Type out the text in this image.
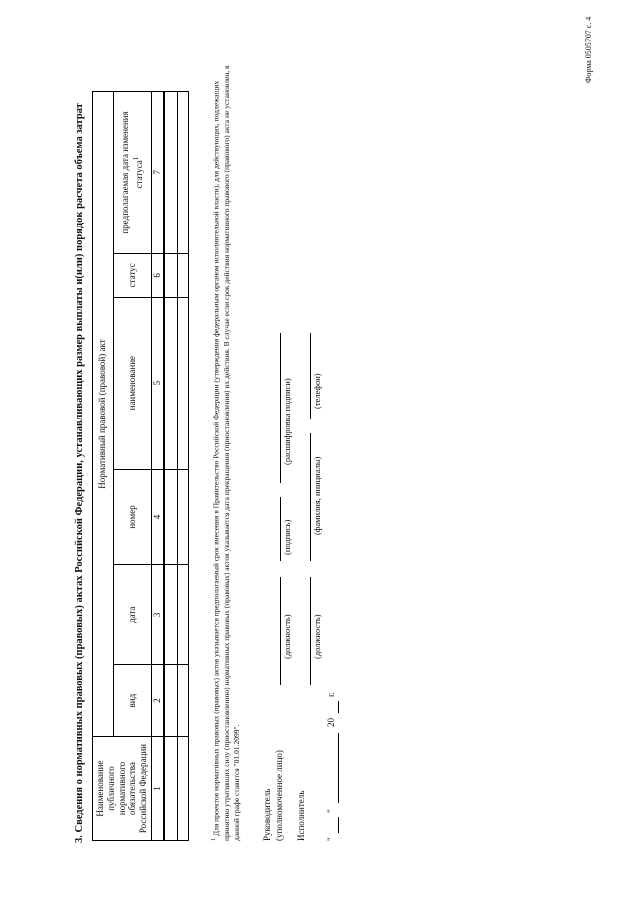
Форма 0505707 с. 4
3. Сведения о нормативных правовых (правовых) актах Российской Федерации, устанавливающих размер выплаты и(или) порядок расчета объема затрат Наименование публичного нормативного обязательства Российской Федерации	Нормативный правовой (правовой) акт					
	вид	дата	номер	наименование	статус	предполагаемая дата изменения статуса$^1$
1	2	3	4	5	6	7

$^1$ Для проектов нормативных правовых (правовых) актов указывается предполагаемый срок внесения в Правительство Российской Федерации (утверждения федеральным органом исполнительной власти), для действующих, подлежащих принятию утративших силу (приостановлению) нормативных правовых (правовых) актов указывается дата прекращения (приостановления) их действия. В случае если срок действия нормативного правового (правового) акта не установлен, в данной графе ставится "01.01.2099". Руководитель (уполномоченное лицо)
(должность)
(подпись)
(расшифровка подписи)
Исполнитель
(должность)
(фамилия, инициалы)
(телефон)
"
"
20
г.
